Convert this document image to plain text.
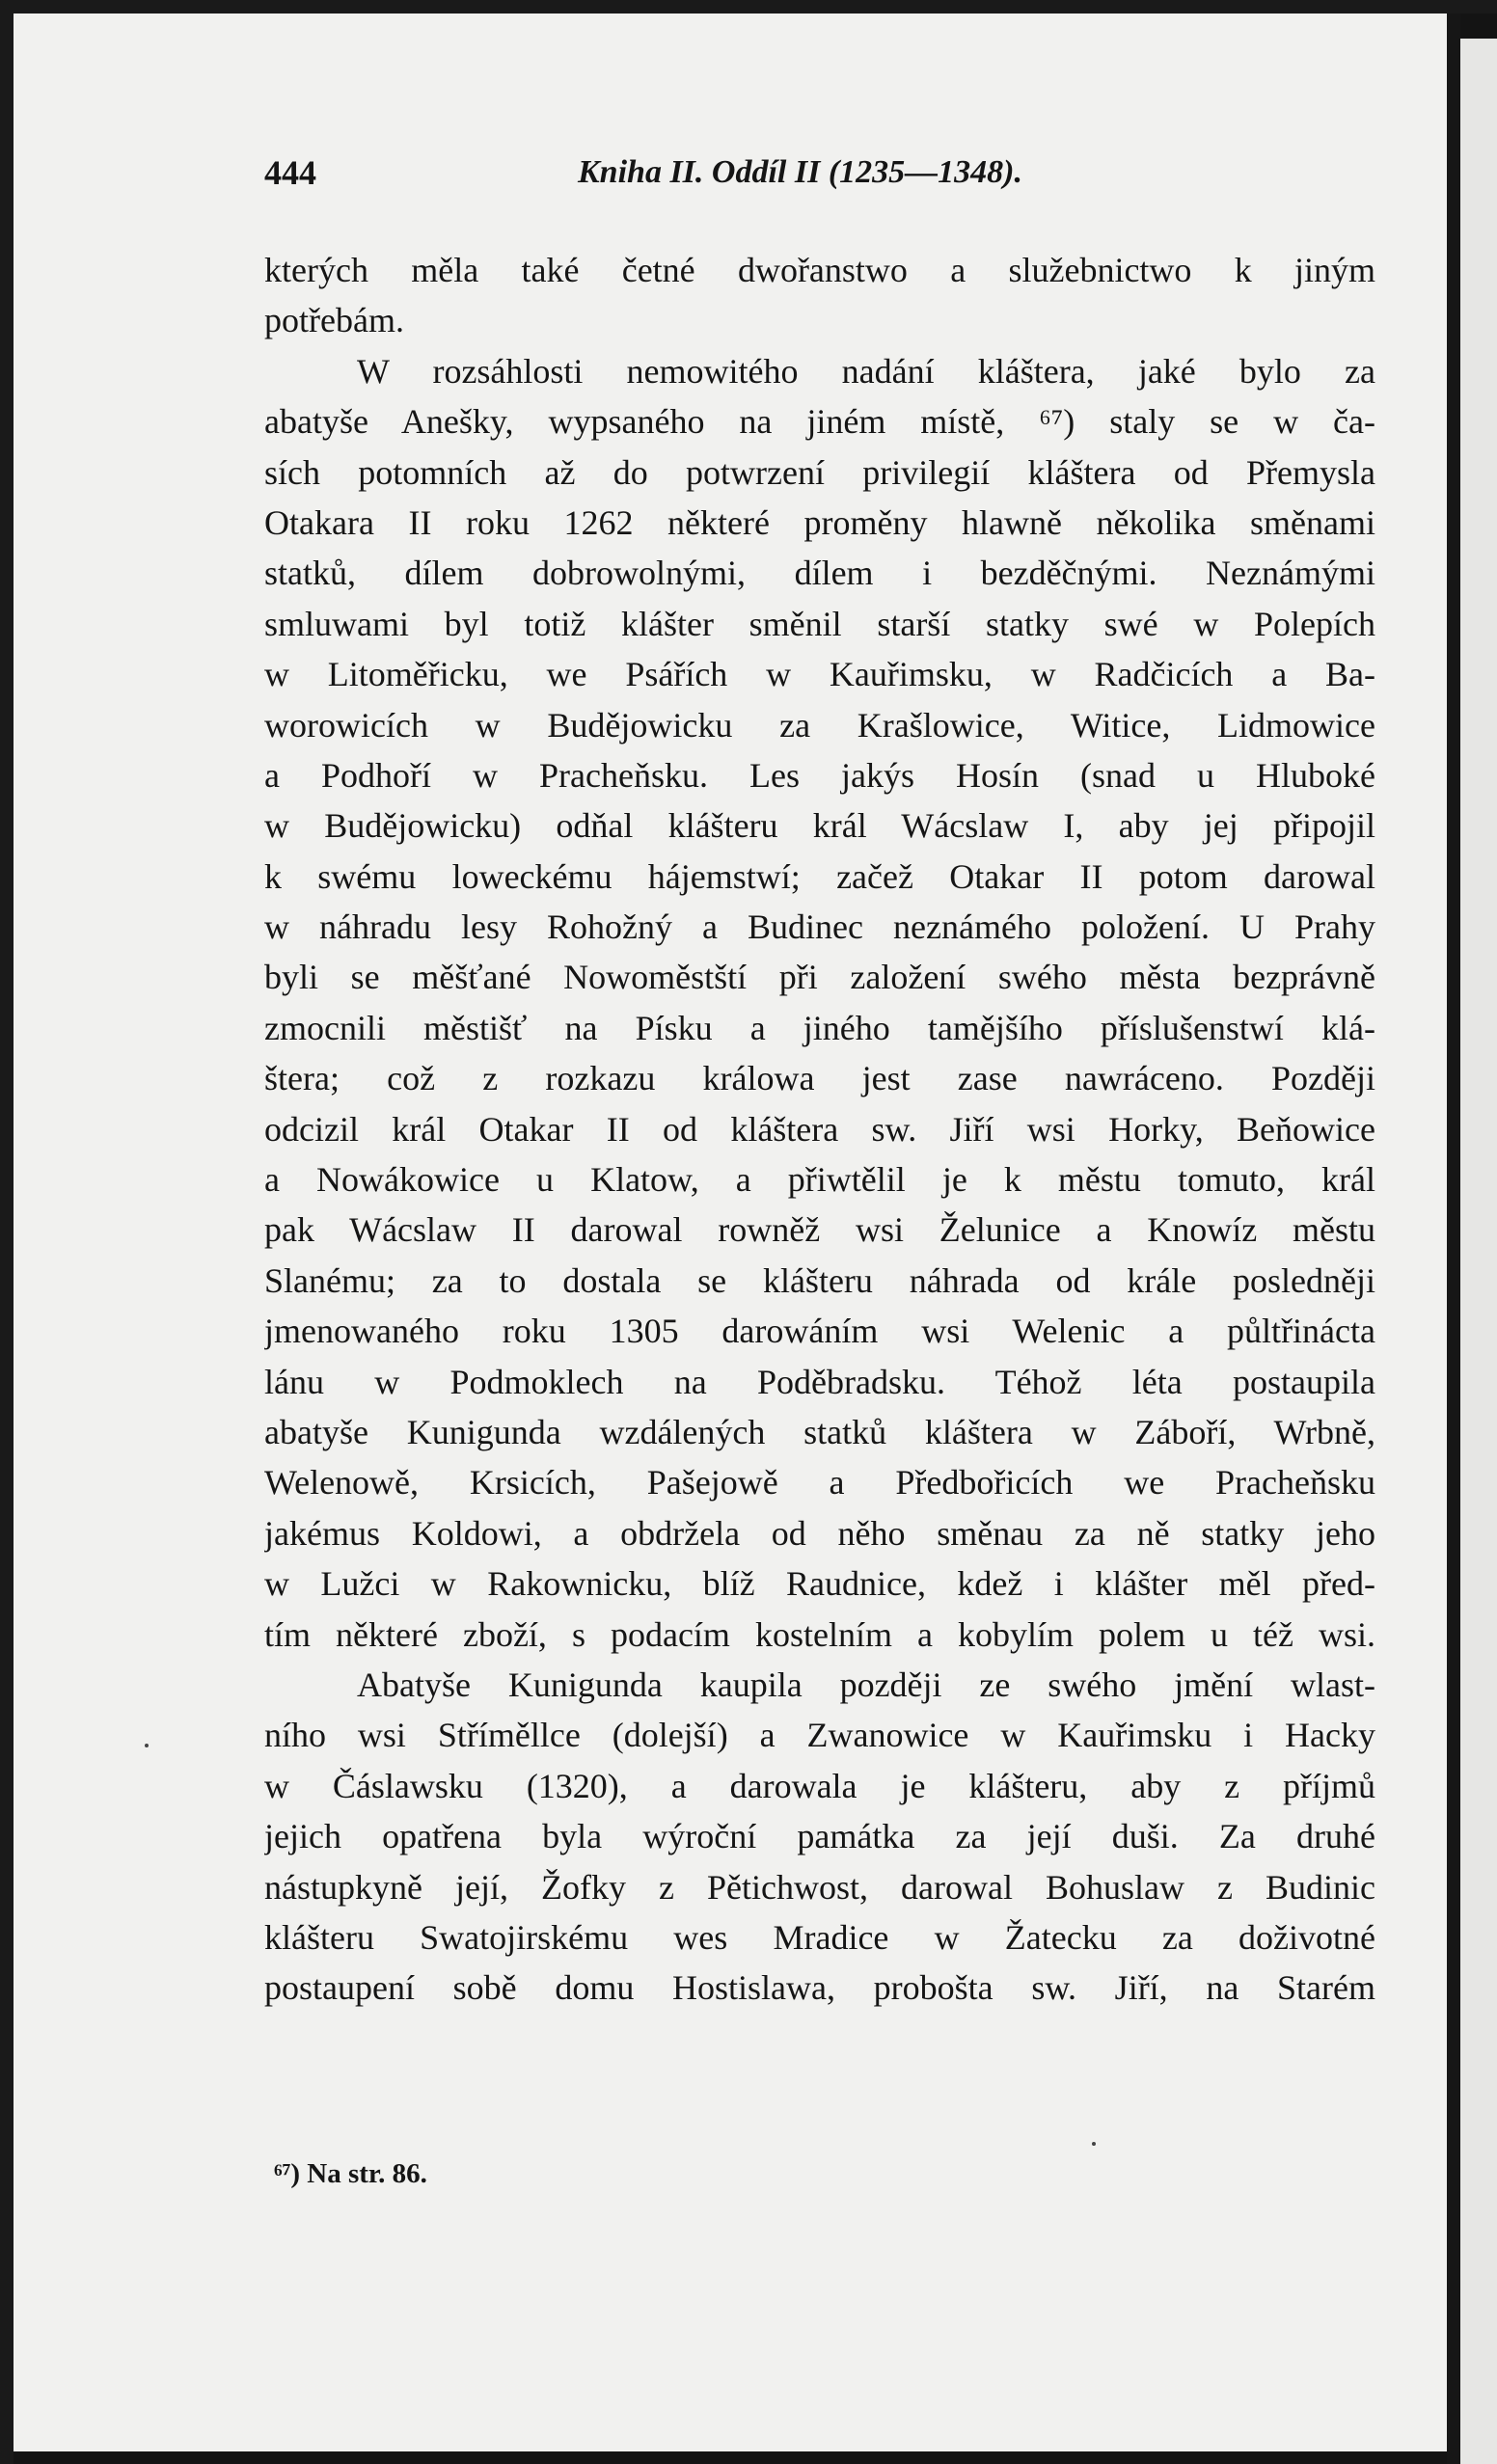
444	Kniha II. Oddíl II (1235—1348).
kterých měla také četné dwořanstwo a služebnictwo k jiným
potřebám.
W rozsáhlosti nemowitého nadání kláštera, jaké bylo za
abatyše Anešky, wypsaného na jiném místě, ⁶⁷) staly se w ča-
sích potomních až do potwrzení privilegií kláštera od Přemysla
Otakara II roku 1262 některé proměny hlawně několika směnami
statků, dílem dobrowolnými, dílem i bezděčnými. Neznámými
smluwami byl totiž klášter směnil starší statky swé w Polepích
w Litoměřicku, we Psářích w Kauřimsku, w Radčicích a Ba-
worowicích w Budějowicku za Krašlowice, Witice, Lidmowice
a Podhoří w Pracheňsku. Les jakýs Hosín (snad u Hluboké
w Budějowicku) odňal klášteru král Wácslaw I, aby jej připojil
k swému loweckému hájemstwí; začež Otakar II potom darowal
w náhradu lesy Rohožný a Budinec neznámého položení. U Prahy
byli se měšťané Nowoměstští při založení swého města bezprávně
zmocnili městišť na Písku a jiného tamějšího příslušenstwí klá-
štera; což z rozkazu králowa jest zase nawráceno. Později
odcizil král Otakar II od kláštera sw. Jiří wsi Horky, Beňowice
a Nowákowice u Klatow, a přiwtělil je k městu tomuto, král
pak Wácslaw II darowal rowněž wsi Želunice a Knowíz městu
Slanému; za to dostala se klášteru náhrada od krále posledněji
jmenowaného roku 1305 darowáním wsi Welenic a půltřinácta
lánu w Podmoklech na Poděbradsku. Téhož léta postaupila
abatyše Kunigunda wzdálených statků kláštera w Záboří, Wrbně,
Welenowě, Krsicích, Pašejowě a Předbořicích we Pracheňsku
jakémus Koldowi, a obdržela od něho směnau za ně statky jeho
w Lužci w Rakownicku, blíž Raudnice, kdež i klášter měl před-
tím některé zboží, s podacím kostelním a kobylím polem u též wsi.
Abatyše Kunigunda kaupila později ze swého jmění wlast-
ního wsi Stříměllce (dolejší) a Zwanowice w Kauřimsku i Hacky
w Čáslawsku (1320), a darowala je klášteru, aby z příjmů
jejich opatřena byla wýroční památka za její duši. Za druhé
nástupkyně její, Žofky z Pětichwost, darowal Bohuslaw z Budinic
klášteru Swatojirskému wes Mradice w Žatecku za doživotné
postaupení sobě domu Hostislawa, probošta sw. Jiří, na Starém
⁶⁷) Na str. 86.
